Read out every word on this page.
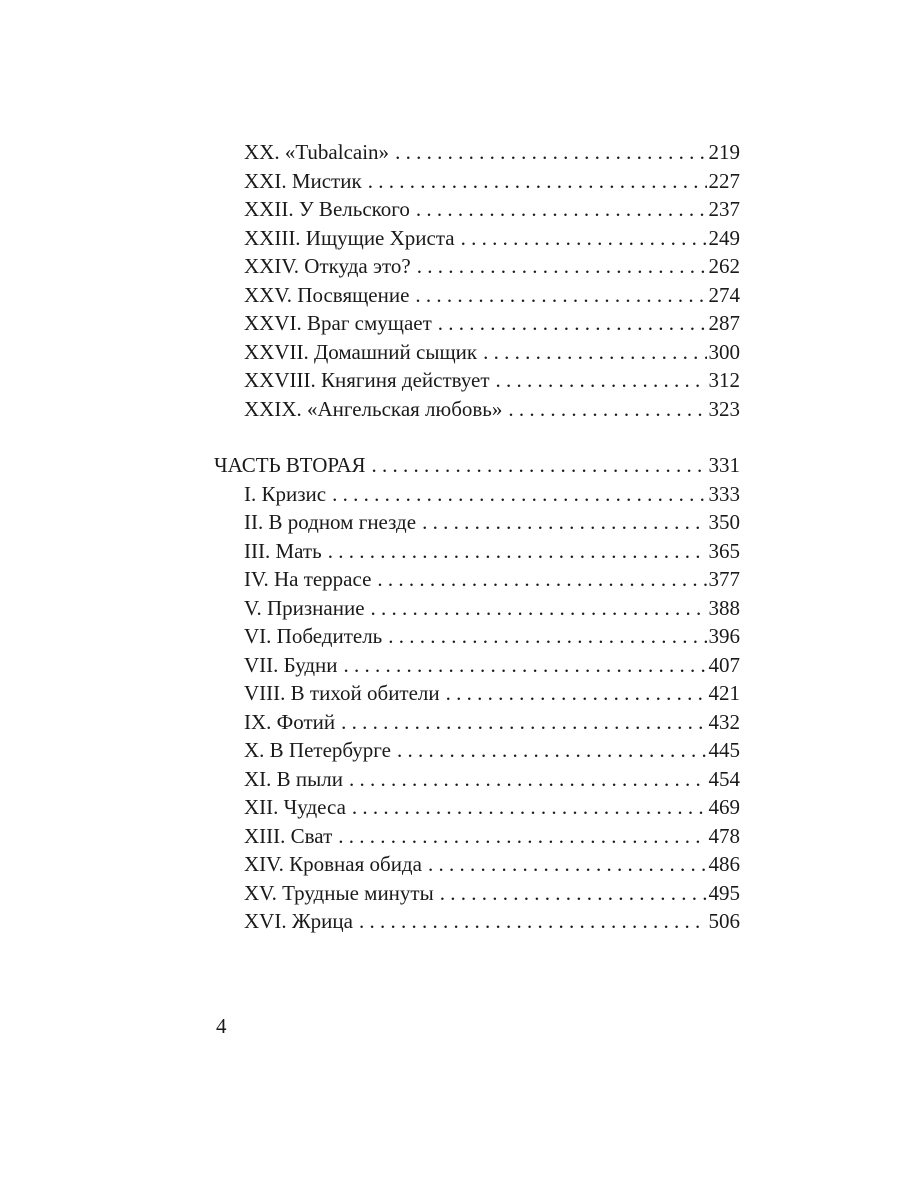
XX. «Tubalcain» . . .	219
XXI. Мистик . . .	227
XXII. У Вельского . . .	237
XXIII. Ищущие Христа . . .	249
XXIV. Откуда это? . . .	262
XXV. Посвящение . . .	274
XXVI. Враг смущает . . .	287
XXVII. Домашний сыщик . . .	300
XXVIII. Княгиня действует . . .	312
XXIX. «Ангельская любовь» . . .	323
ЧАСТЬ ВТОРАЯ . . .	331
I. Кризис . . .	333
II. В родном гнезде . . .	350
III. Мать . . .	365
IV. На террасе . . .	377
V. Признание . . .	388
VI. Победитель . . .	396
VII. Будни . . .	407
VIII. В тихой обители . . .	421
IX. Фотий . . .	432
X. В Петербурге . . .	445
XI. В пыли . . .	454
XII. Чудеса . . .	469
XIII. Сват . . .	478
XIV. Кровная обида . . .	486
XV. Трудные минуты . . .	495
XVI. Жрица . . .	506
4
